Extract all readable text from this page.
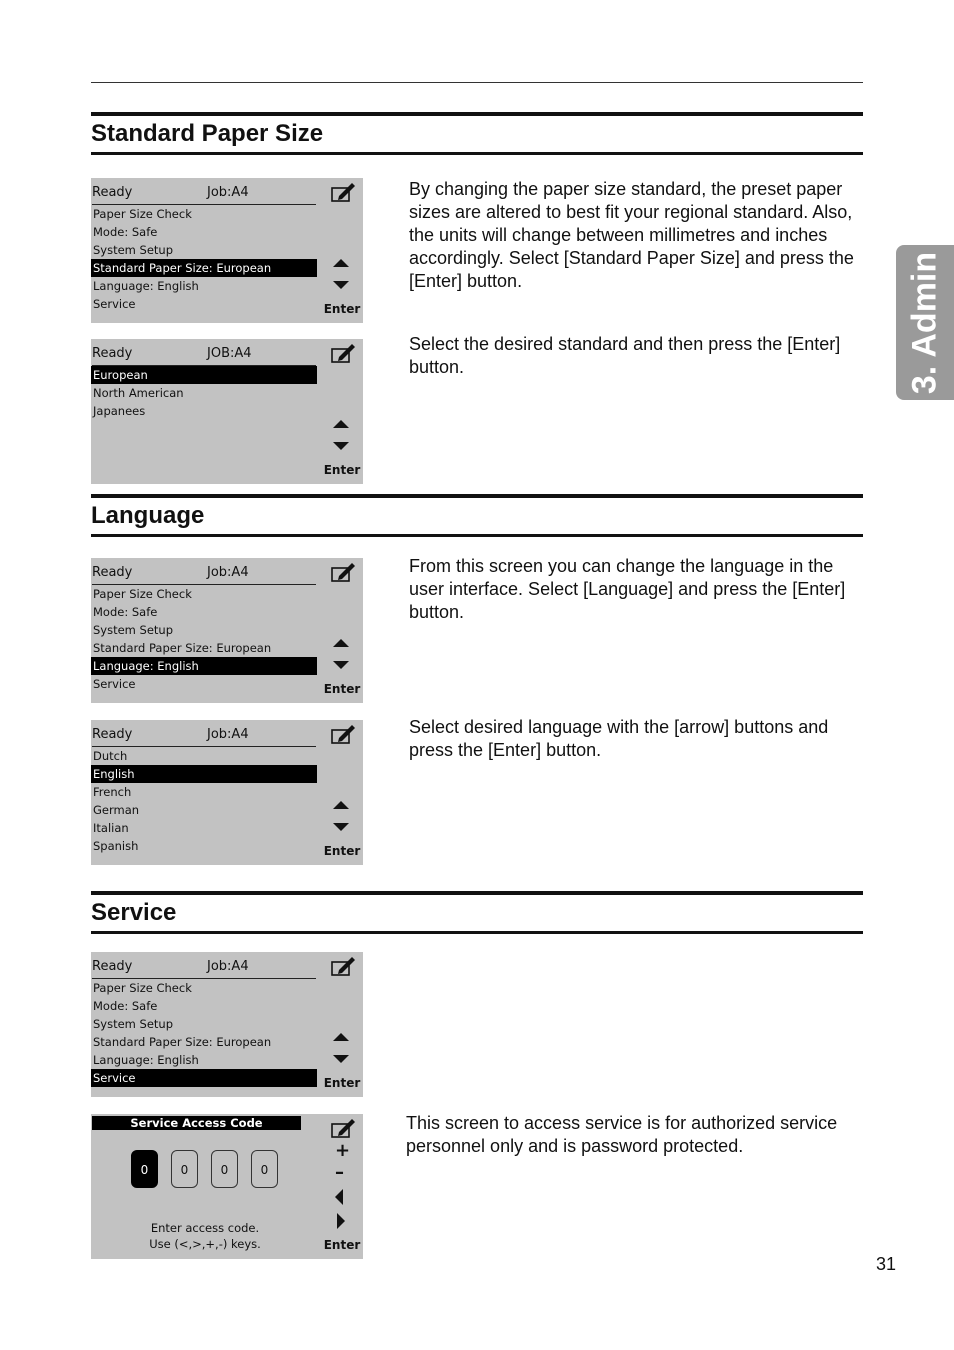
3. Admin
Standard Paper Size
Ready	Job:A4
Paper Size Check
Mode: Safe
System Setup
Standard Paper Size: European
Language: English
Service	Enter
By changing the paper size standard, the preset paper sizes are altered to best fit your regional standard. Also, the units will change between millimetres and inches accordingly. Select [Standard Paper Size] and press the [Enter] button.
Ready	JOB:A4
European
North American
Japanees
Enter
Select the desired standard and then press the [Enter] button.
Language
Ready	Job:A4
Paper Size Check
Mode: Safe
System Setup
Standard Paper Size: European
Language: English
Service	Enter
From this screen you can change the language in the user interface. Select [Language] and press the [Enter] button.
Ready	Job:A4
Dutch
English
French
German
Italian
Spanish	Enter
Select desired language with the [arrow] buttons and press the [Enter] button.
Service
Ready	Job:A4
Paper Size Check
Mode: Safe
System Setup
Standard Paper Size: European
Language: English
Service	Enter
Service Access Code
0	0	0	0
Enter access code.
Use (<,>,+,-) keys.
+
–
Enter
This screen to access service is for authorized service personnel only and is password protected.
31
